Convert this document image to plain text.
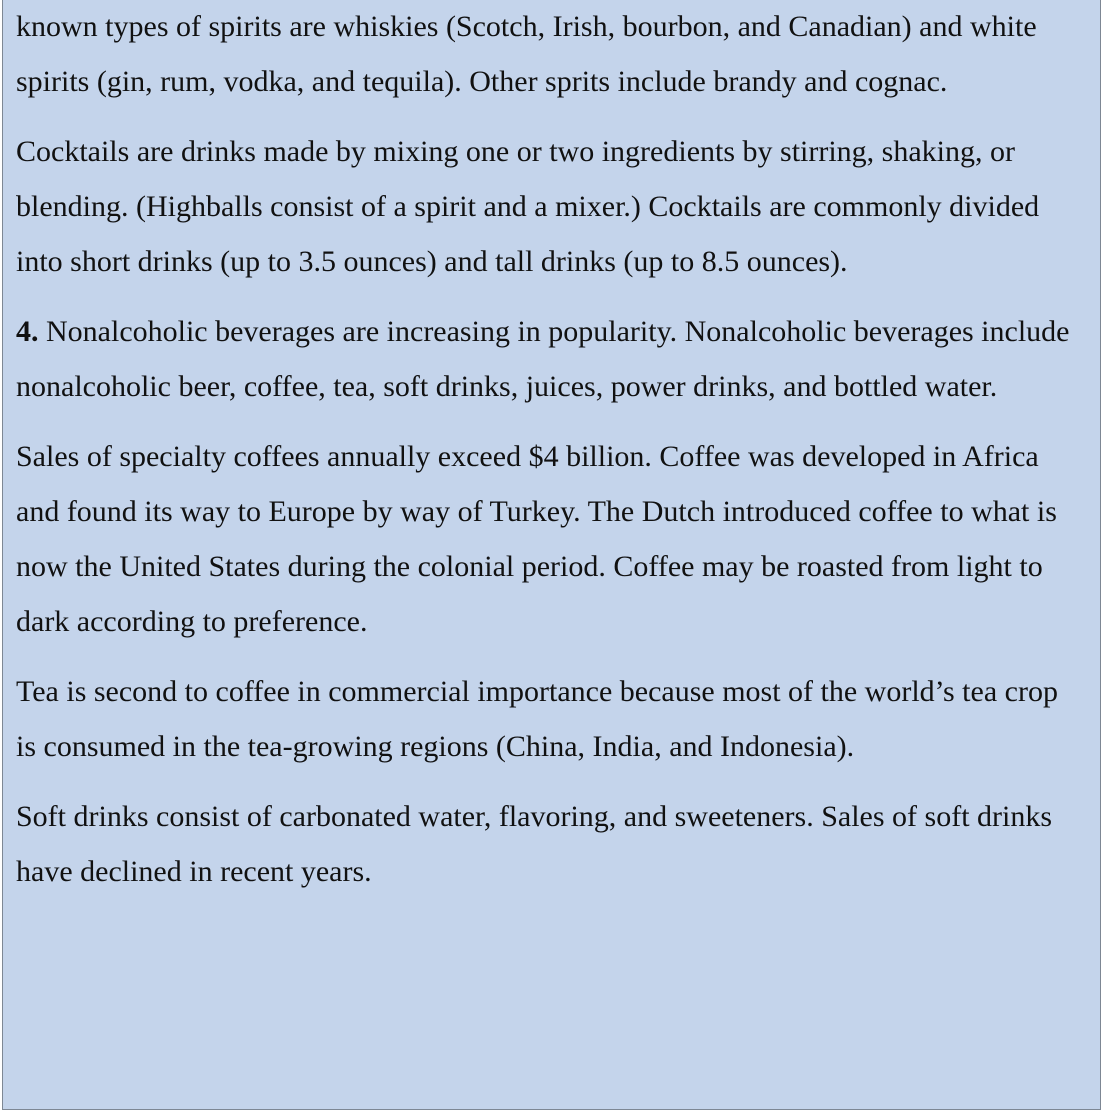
known types of spirits are whiskies (Scotch, Irish, bourbon, and Canadian) and white spirits (gin, rum, vodka, and tequila). Other sprits include brandy and cognac.

Cocktails are drinks made by mixing one or two ingredients by stirring, shaking, or blending. (Highballs consist of a spirit and a mixer.) Cocktails are commonly divided into short drinks (up to 3.5 ounces) and tall drinks (up to 8.5 ounces).

4. Nonalcoholic beverages are increasing in popularity. Nonalcoholic beverages include nonalcoholic beer, coffee, tea, soft drinks, juices, power drinks, and bottled water.

Sales of specialty coffees annually exceed $4 billion. Coffee was developed in Africa and found its way to Europe by way of Turkey. The Dutch introduced coffee to what is now the United States during the colonial period. Coffee may be roasted from light to dark according to preference.

Tea is second to coffee in commercial importance because most of the world’s tea crop is consumed in the tea-growing regions (China, India, and Indonesia).

Soft drinks consist of carbonated water, flavoring, and sweeteners. Sales of soft drinks have declined in recent years.
